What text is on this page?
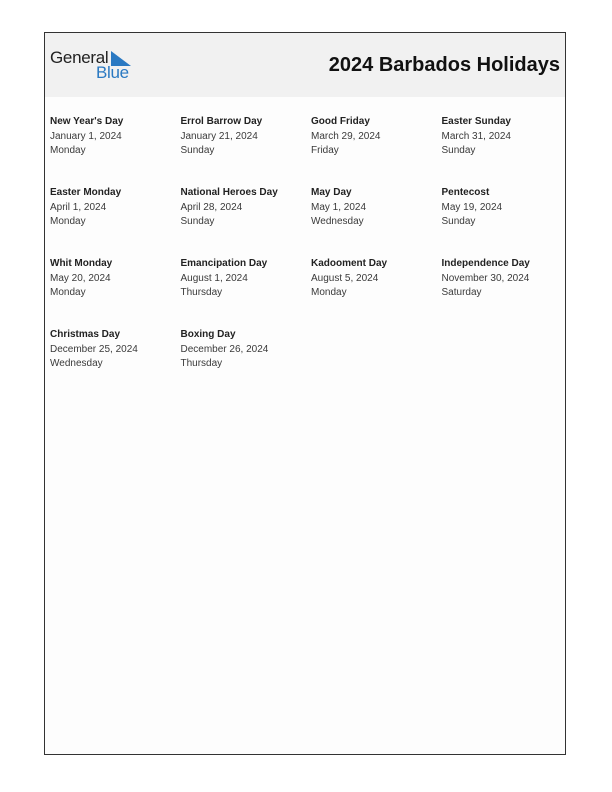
General
Blue	2024 Barbados Holidays
New Year's Day
January 1, 2024
Monday
Errol Barrow Day
January 21, 2024
Sunday
Good Friday
March 29, 2024
Friday
Easter Sunday
March 31, 2024
Sunday
Easter Monday
April 1, 2024
Monday
National Heroes Day
April 28, 2024
Sunday
May Day
May 1, 2024
Wednesday
Pentecost
May 19, 2024
Sunday
Whit Monday
May 20, 2024
Monday
Emancipation Day
August 1, 2024
Thursday
Kadooment Day
August 5, 2024
Monday
Independence Day
November 30, 2024
Saturday
Christmas Day
December 25, 2024
Wednesday
Boxing Day
December 26, 2024
Thursday
